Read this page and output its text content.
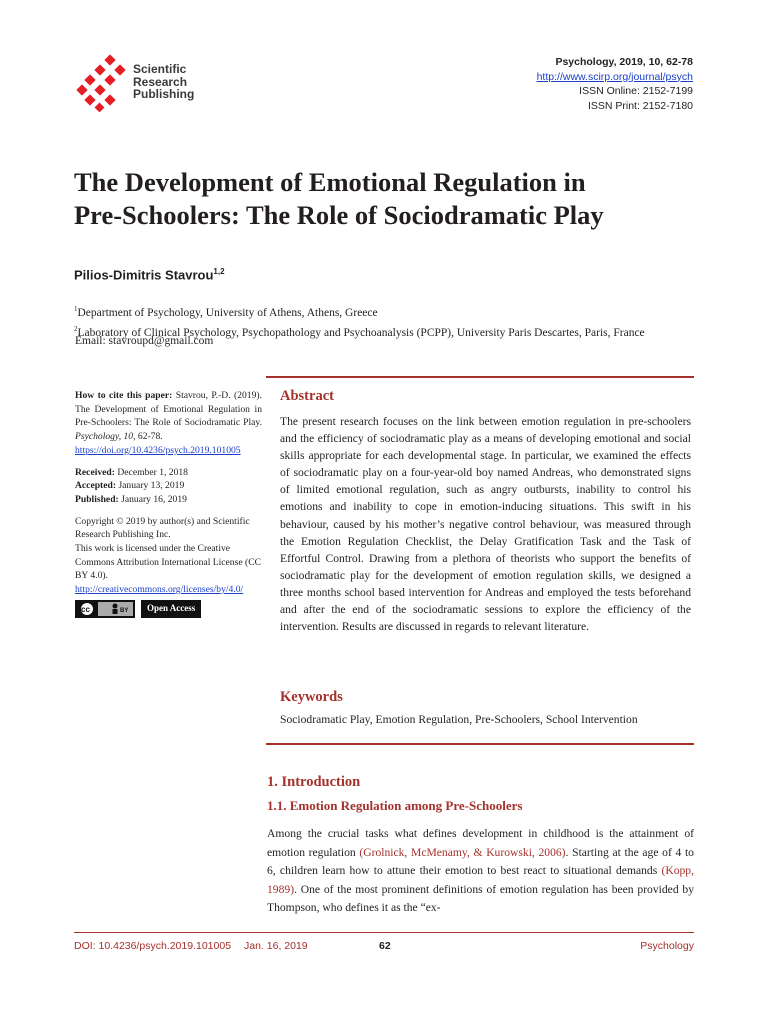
Scientific
Research
Publishing
Psychology, 2019, 10, 62-78
http://www.scirp.org/journal/psych
ISSN Online: 2152-7199
ISSN Print: 2152-7180
The Development of Emotional Regulation in
Pre-Schoolers: The Role of Sociodramatic Play
Pilios-Dimitris Stavrou$^{1,2}$
$^1$Department of Psychology, University of Athens, Athens, Greece
$^2$Laboratory of Clinical Psychology, Psychopathology and Psychoanalysis (PCPP), University Paris Descartes, Paris, France
Email: stavroupd@gmail.com
How to cite this paper: Stavrou, P.-D. (2019). The Development of Emotional Regulation in Pre-Schoolers: The Role of Sociodramatic Play. Psychology, 10, 62-78.
https://doi.org/10.4236/psych.2019.101005
Received: December 1, 2018
Accepted: January 13, 2019
Published: January 16, 2019
Copyright © 2019 by author(s) and Scientific Research Publishing Inc.
This work is licensed under the Creative Commons Attribution International License (CC BY 4.0).
http://creativecommons.org/licenses/by/4.0/
cc	BY	Open Access
Abstract
The present research focuses on the link between emotion regulation in pre-schoolers and the efficiency of sociodramatic play as a means of developing emotional and social skills appropriate for each developmental stage. In particular, we examined the effects of sociodramatic play on a four-year-old boy named Andreas, who demonstrated signs of limited emotional regulation, such as angry outbursts, inability to control his emotions and inability to cope in emotion-inducing situations. This swift in his behaviour, caused by his mother’s negative control behaviour, was measured through the Emotion Regulation Checklist, the Delay Gratification Task and the Task of Effortful Control. Drawing from a plethora of theorists who support the benefits of sociodramatic play for the development of emotion regulation skills, we designed a three months school based intervention for Andreas and employed the tests beforehand and after the end of the sociodramatic sessions to explore the efficiency of the intervention. Results are discussed in regards to relevant literature.
Keywords
Sociodramatic Play, Emotion Regulation, Pre-Schoolers, School Intervention
1. Introduction
1.1. Emotion Regulation among Pre-Schoolers
Among the crucial tasks what defines development in childhood is the attainment of emotion regulation (Grolnick, McMenamy, & Kurowski, 2006). Starting at the age of 4 to 6, children learn how to attune their emotion to best react to situational demands (Kopp, 1989). One of the most prominent definitions of emotion regulation has been provided by Thompson, who defines it as the “ex-
DOI: 10.4236/psych.2019.101005 Jan. 16, 2019	62	Psychology
